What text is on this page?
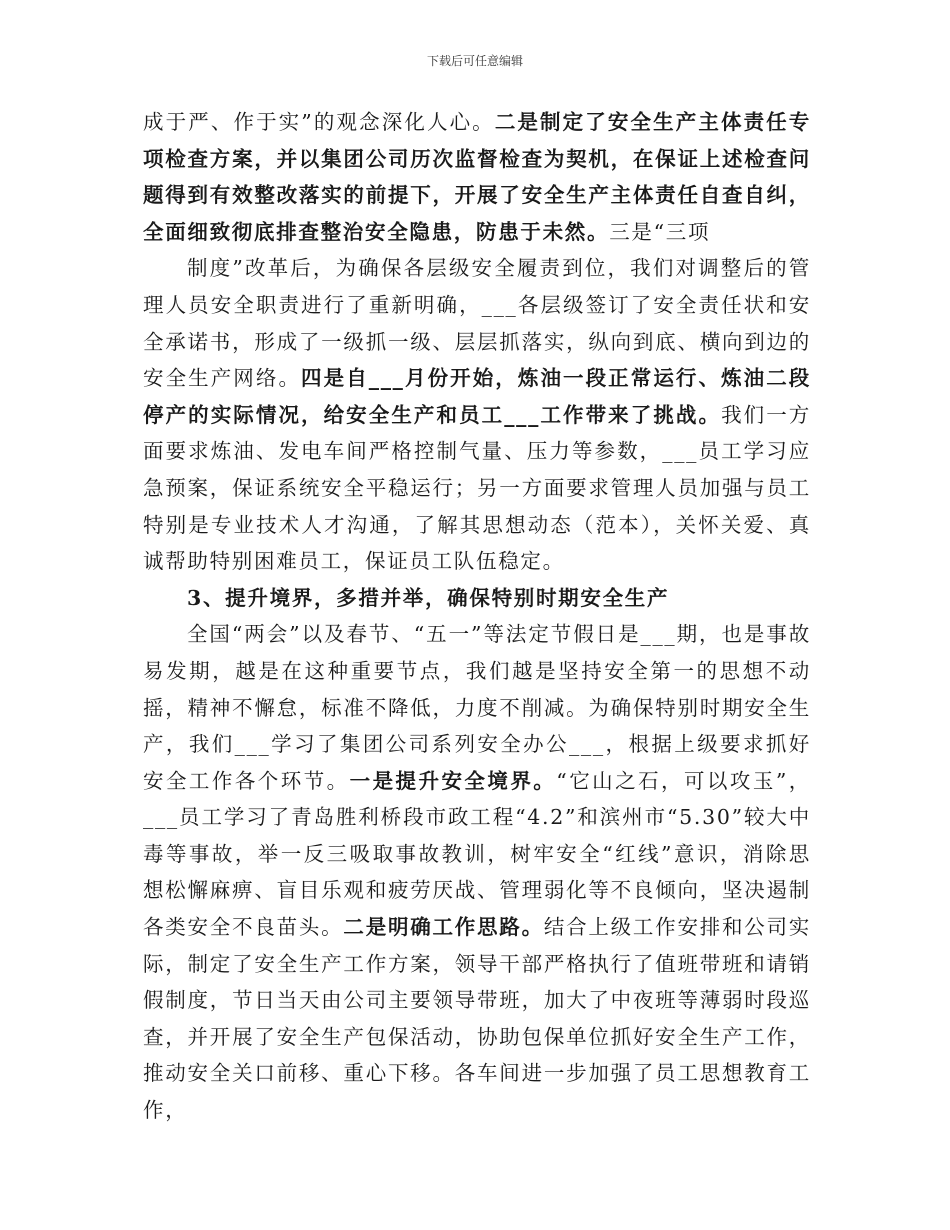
下载后可任意编辑

成于严、作于实”的观念深化人心。二是制定了安全生产主体责任专项检查方案，并以集团公司历次监督检查为契机，在保证上述检查问题得到有效整改落实的前提下，开展了安全生产主体责任自查自纠，全面细致彻底排查整治安全隐患，防患于未然。三是“三项

制度”改革后，为确保各层级安全履责到位，我们对调整后的管理人员安全职责进行了重新明确，___各层级签订了安全责任状和安全承诺书，形成了一级抓一级、层层抓落实，纵向到底、横向到边的安全生产网络。四是自___月份开始，炼油一段正常运行、炼油二段停产的实际情况，给安全生产和员工___工作带来了挑战。我们一方面要求炼油、发电车间严格控制气量、压力等参数，___员工学习应急预案，保证系统安全平稳运行；另一方面要求管理人员加强与员工特别是专业技术人才沟通，了解其思想动态（范本），关怀关爱、真诚帮助特别困难员工，保证员工队伍稳定。

3、提升境界，多措并举，确保特别时期安全生产

全国“两会”以及春节、“五一”等法定节假日是___期，也是事故易发期，越是在这种重要节点，我们越是坚持安全第一的思想不动摇，精神不懈怠，标准不降低，力度不削减。为确保特别时期安全生产，我们___学习了集团公司系列安全办公___，根据上级要求抓好安全工作各个环节。一是提升安全境界。“它山之石，可以攻玉”，___员工学习了青岛胜利桥段市政工程“4.2”和滨州市“5.30”较大中毒等事故，举一反三吸取事故教训，树牢安全“红线”意识，消除思想松懈麻痹、盲目乐观和疲劳厌战、管理弱化等不良倾向，坚决遏制各类安全不良苗头。二是明确工作思路。结合上级工作安排和公司实际，制定了安全生产工作方案，领导干部严格执行了值班带班和请销假制度，节日当天由公司主要领导带班，加大了中夜班等薄弱时段巡查，并开展了安全生产包保活动，协助包保单位抓好安全生产工作，推动安全关口前移、重心下移。各车间进一步加强了员工思想教育工作，
